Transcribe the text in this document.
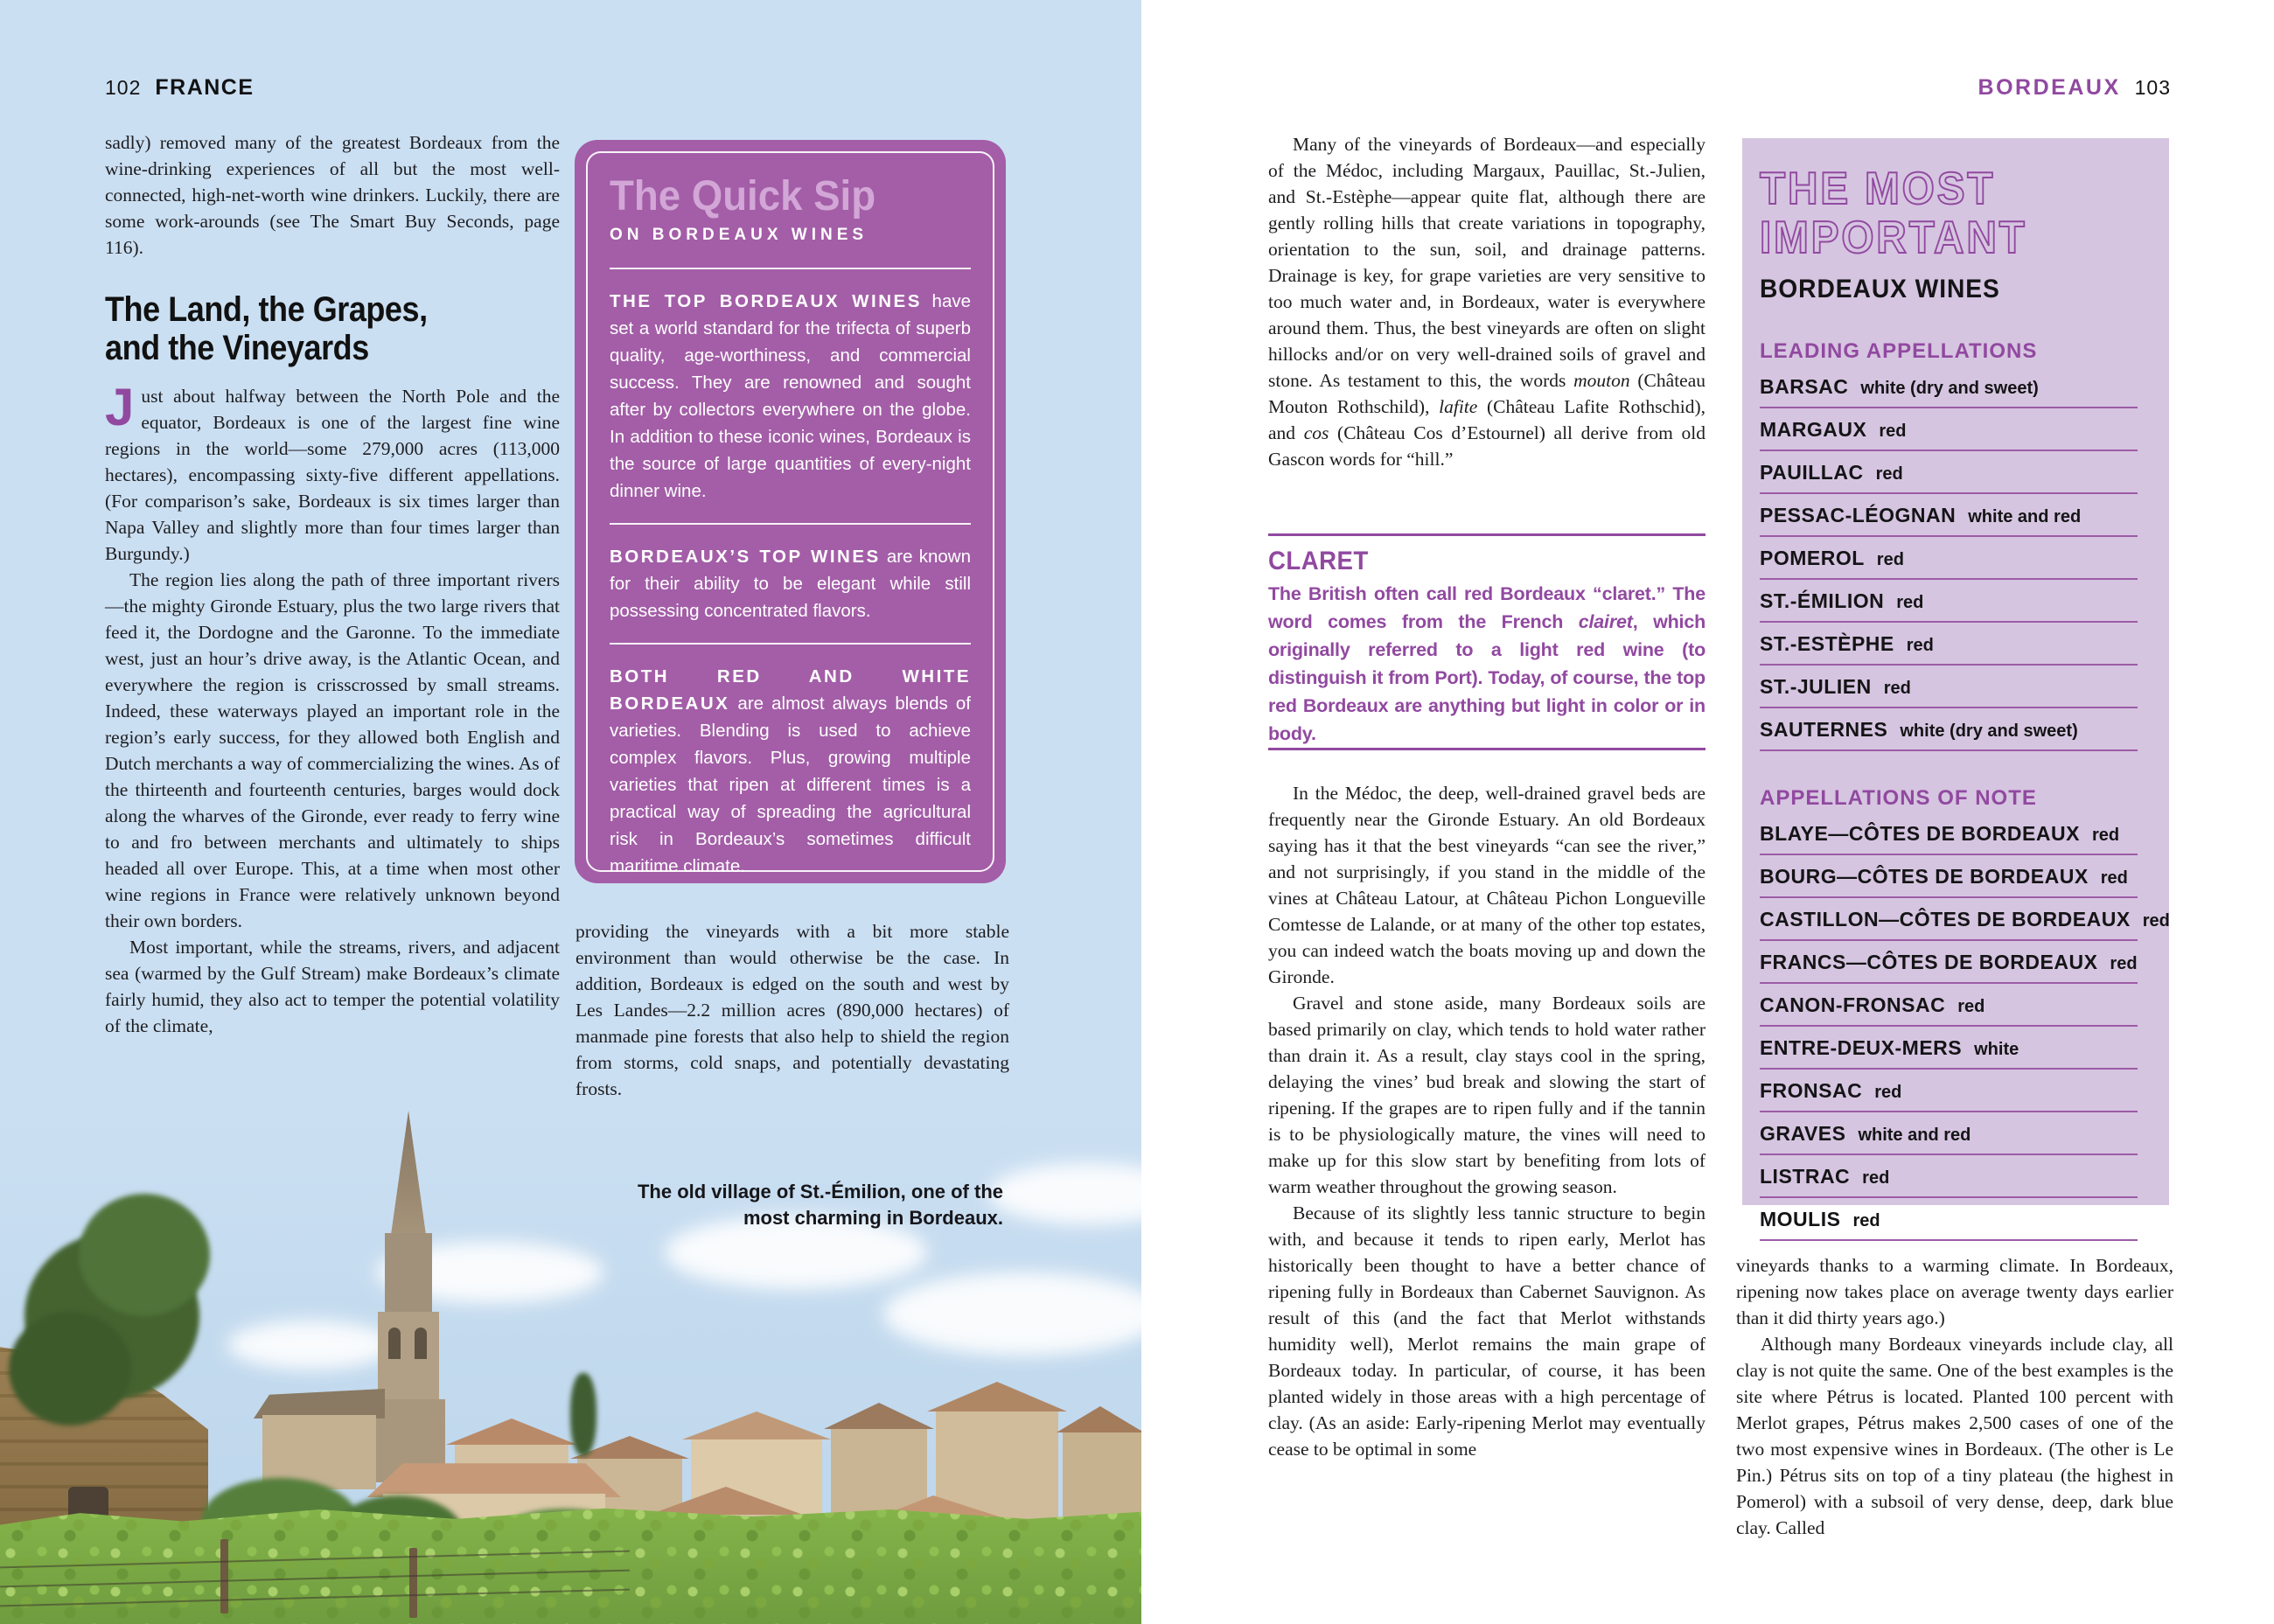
102 FRANCE

sadly) removed many of the greatest Bordeaux from the wine-drinking experiences of all but the most well-connected, high-net-worth wine drinkers. Luckily, there are some work-arounds (see The Smart Buy Seconds, page 116).

The Land, the Grapes,
and the Vineyards

Just about halfway between the North Pole and the equator, Bordeaux is one of the largest fine wine regions in the world—some 279,000 acres (113,000 hectares), encompassing sixty-five different appellations. (For comparison’s sake, Bordeaux is six times larger than Napa Valley and slightly more than four times larger than Burgundy.)

The region lies along the path of three important rivers—the mighty Gironde Estuary, plus the two large rivers that feed it, the Dordogne and the Garonne. To the immediate west, just an hour’s drive away, is the Atlantic Ocean, and everywhere the region is crisscrossed by small streams. Indeed, these waterways played an important role in the region’s early success, for they allowed both English and Dutch merchants a way of commercializing the wines. As of the thirteenth and fourteenth centuries, barges would dock along the wharves of the Gironde, ever ready to ferry wine to and fro between merchants and ultimately to ships headed all over Europe. This, at a time when most other wine regions in France were relatively unknown beyond their own borders.

Most important, while the streams, rivers, and adjacent sea (warmed by the Gulf Stream) make Bordeaux’s climate fairly humid, they also act to temper the potential volatility of the climate,

The Quick Sip
ON BORDEAUX WINES

THE TOP BORDEAUX WINES have set a world standard for the trifecta of superb quality, age-worthiness, and commercial success. They are renowned and sought after by collectors everywhere on the globe. In addition to these iconic wines, Bordeaux is the source of large quantities of every-night dinner wine.

BORDEAUX’S TOP WINES are known for their ability to be elegant while still possessing concentrated flavors.

BOTH RED AND WHITE BORDEAUX are almost always blends of varieties. Blending is used to achieve complex flavors. Plus, growing multiple varieties that ripen at different times is a practical way of spreading the agricultural risk in Bordeaux’s sometimes difficult maritime climate.

providing the vineyards with a bit more stable environment than would otherwise be the case. In addition, Bordeaux is edged on the south and west by Les Landes—2.2 million acres (890,000 hectares) of manmade pine forests that also help to shield the region from storms, cold snaps, and potentially devastating frosts.

The old village of St.-Émilion, one of the
most charming in Bordeaux.
BORDEAUX 103

Many of the vineyards of Bordeaux—and especially of the Médoc, including Margaux, Pauillac, St.-Julien, and St.-Estèphe—appear quite flat, although there are gently rolling hills that create variations in topography, orientation to the sun, soil, and drainage patterns. Drainage is key, for grape varieties are very sensitive to too much water and, in Bordeaux, water is everywhere around them. Thus, the best vineyards are often on slight hillocks and/or on very well-drained soils of gravel and stone. As testament to this, the words mouton (Château Mouton Rothschild), lafite (Château Lafite Rothschid), and cos (Château Cos d’Estournel) all derive from old Gascon words for “hill.”

CLARET

The British often call red Bordeaux “claret.” The word comes from the French clairet, which originally referred to a light red wine (to distinguish it from Port). Today, of course, the top red Bordeaux are anything but light in color or in body.

In the Médoc, the deep, well-drained gravel beds are frequently near the Gironde Estuary. An old Bordeaux saying has it that the best vineyards “can see the river,” and not surprisingly, if you stand in the middle of the vines at Château Latour, at Château Pichon Longueville Comtesse de Lalande, or at many of the other top estates, you can indeed watch the boats moving up and down the Gironde.

Gravel and stone aside, many Bordeaux soils are based primarily on clay, which tends to hold water rather than drain it. As a result, clay stays cool in the spring, delaying the vines’ bud break and slowing the start of ripening. If the grapes are to ripen fully and if the tannin is to be physiologically mature, the vines will need to make up for this slow start by benefiting from lots of warm weather throughout the growing season.

Because of its slightly less tannic structure to begin with, and because it tends to ripen early, Merlot has historically been thought to have a better chance of ripening fully in Bordeaux than Cabernet Sauvignon. As result of this (and the fact that Merlot withstands humidity well), Merlot remains the main grape of Bordeaux today. In particular, of course, it has been planted widely in those areas with a high percentage of clay. (As an aside: Early-ripening Merlot may eventually cease to be optimal in some

THE MOST
IMPORTANT
BORDEAUX WINES
LEADING APPELLATIONS
BARSAC white (dry and sweet)
MARGAUX red
PAUILLAC red
PESSAC-LÉOGNAN white and red
POMEROL red
ST.-ÉMILION red
ST.-ESTÈPHE red
ST.-JULIEN red
SAUTERNES white (dry and sweet)
APPELLATIONS OF NOTE
BLAYE—CÔTES DE BORDEAUX red
BOURG—CÔTES DE BORDEAUX red
CASTILLON—CÔTES DE BORDEAUX red
FRANCS—CÔTES DE BORDEAUX red
CANON-FRONSAC red
ENTRE-DEUX-MERS white
FRONSAC red
GRAVES white and red
LISTRAC red
MOULIS red

vineyards thanks to a warming climate. In Bordeaux, ripening now takes place on average twenty days earlier than it did thirty years ago.)

Although many Bordeaux vineyards include clay, all clay is not quite the same. One of the best examples is the site where Pétrus is located. Planted 100 percent with Merlot grapes, Pétrus makes 2,500 cases of one of the two most expensive wines in Bordeaux. (The other is Le Pin.) Pétrus sits on top of a tiny plateau (the highest in Pomerol) with a subsoil of very dense, deep, dark blue clay. Called
